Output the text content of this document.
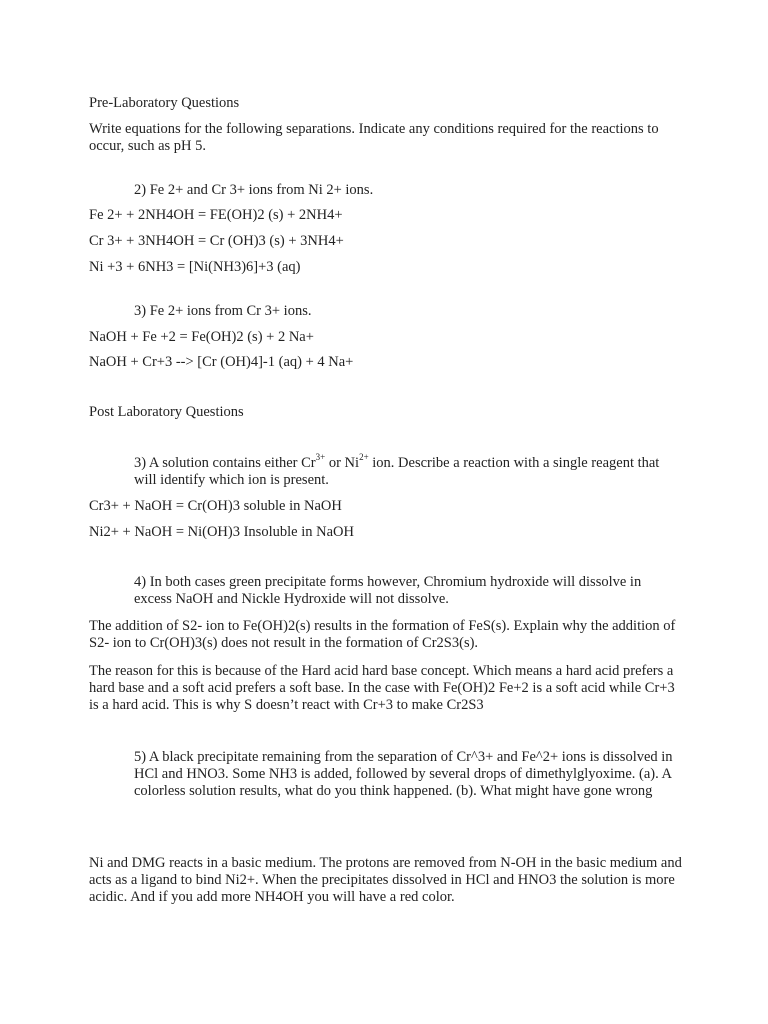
Pre-Laboratory Questions

Write equations for the following separations. Indicate any conditions required for the reactions to occur, such as pH 5.

2) Fe 2+ and Cr 3+ ions from Ni 2+ ions.

Fe 2+ + 2NH4OH = FE(OH)2 (s) + 2NH4+

Cr 3+ + 3NH4OH = Cr (OH)3 (s) + 3NH4+

Ni +3 + 6NH3 = [Ni(NH3)6]+3 (aq)

3) Fe 2+ ions from Cr 3+ ions.

NaOH + Fe +2 = Fe(OH)2 (s) + 2 Na+

NaOH + Cr+3 --> [Cr (OH)4]-1 (aq) + 4 Na+

Post Laboratory Questions

3) A solution contains either $Cr^{3+}$ or $Ni^{2+}$ ion. Describe a reaction with a single reagent that will identify which ion is present.

Cr3+ + NaOH = Cr(OH)3 soluble in NaOH

Ni2+ + NaOH = Ni(OH)3 Insoluble in NaOH

4) In both cases green precipitate forms however, Chromium hydroxide will dissolve in excess NaOH and Nickle Hydroxide will not dissolve.

The addition of S2- ion to Fe(OH)2(s) results in the formation of FeS(s). Explain why the addition of S2- ion to Cr(OH)3(s) does not result in the formation of Cr2S3(s).

The reason for this is because of the Hard acid hard base concept. Which means a hard acid prefers a hard base and a soft acid prefers a soft base. In the case with Fe(OH)2 Fe+2 is a soft acid while Cr+3 is a hard acid. This is why S doesn’t react with Cr+3 to make Cr2S3

5) A black precipitate remaining from the separation of Cr^3+ and Fe^2+ ions is dissolved in HCl and HNO3. Some NH3 is added, followed by several drops of dimethylglyoxime. (a). A colorless solution results, what do you think happened. (b). What might have gone wrong

Ni and DMG reacts in a basic medium. The protons are removed from N-OH in the basic medium and acts as a ligand to bind Ni2+. When the precipitates dissolved in HCl and HNO3 the solution is more acidic. And if you add more NH4OH you will have a red color.
